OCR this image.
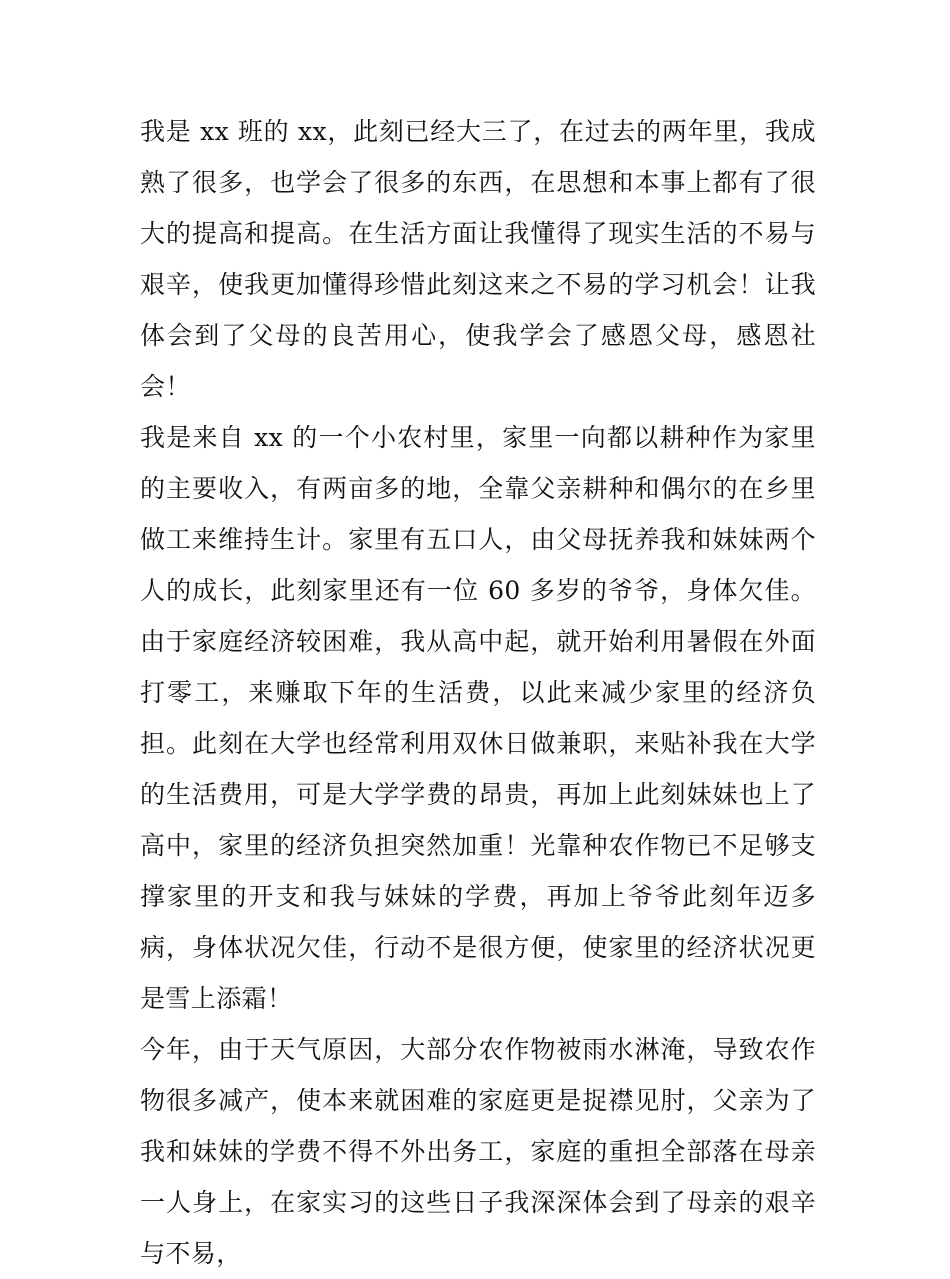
我是 xx 班的 xx，此刻已经大三了，在过去的两年里，我成熟了很多，也学会了很多的东西，在思想和本事上都有了很大的提高和提高。在生活方面让我懂得了现实生活的不易与艰辛，使我更加懂得珍惜此刻这来之不易的学习机会！让我体会到了父母的良苦用心，使我学会了感恩父母，感恩社会！

我是来自 xx 的一个小农村里，家里一向都以耕种作为家里的主要收入，有两亩多的地，全靠父亲耕种和偶尔的在乡里做工来维持生计。家里有五口人，由父母抚养我和妹妹两个人的成长，此刻家里还有一位 60 多岁的爷爷，身体欠佳。由于家庭经济较困难，我从高中起，就开始利用暑假在外面打零工，来赚取下年的生活费，以此来减少家里的经济负担。此刻在大学也经常利用双休日做兼职，来贴补我在大学的生活费用，可是大学学费的昂贵，再加上此刻妹妹也上了高中，家里的经济负担突然加重！光靠种农作物已不足够支撑家里的开支和我与妹妹的学费，再加上爷爷此刻年迈多病，身体状况欠佳，行动不是很方便，使家里的经济状况更是雪上添霜！

今年，由于天气原因，大部分农作物被雨水淋淹，导致农作物很多减产，使本来就困难的家庭更是捉襟见肘，父亲为了我和妹妹的学费不得不外出务工，家庭的重担全部落在母亲一人身上，在家实习的这些日子我深深体会到了母亲的艰辛与不易，
